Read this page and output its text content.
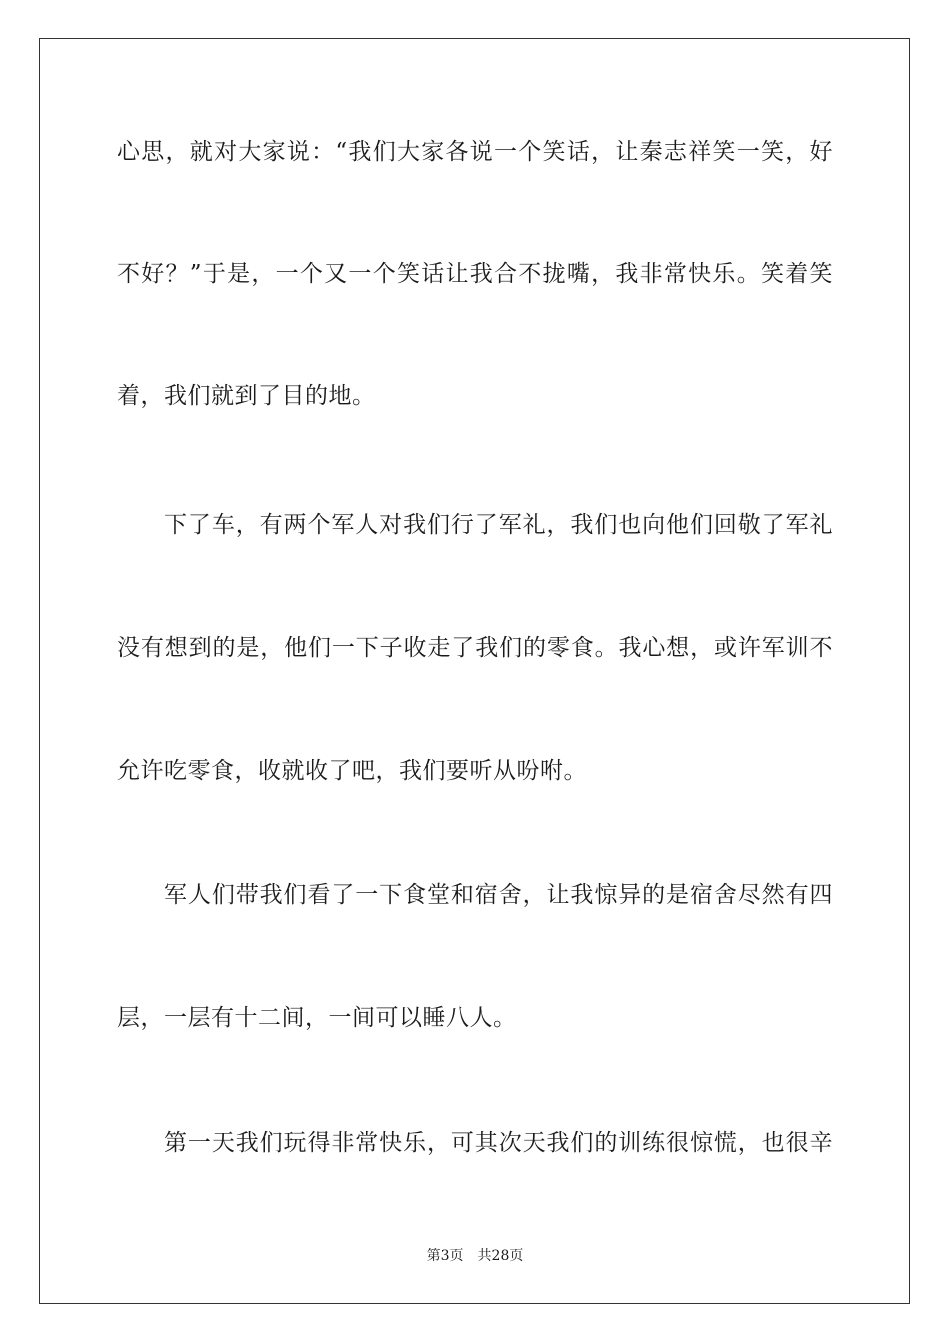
心思，就对大家说：“我们大家各说一个笑话，让秦志祥笑一笑，好
不好？”于是，一个又一个笑话让我合不拢嘴，我非常快乐。笑着笑
着，我们就到了目的地。
下了车，有两个军人对我们行了军礼，我们也向他们回敬了军礼
没有想到的是，他们一下子收走了我们的零食。我心想，或许军训不
允许吃零食，收就收了吧，我们要听从吩咐。
军人们带我们看了一下食堂和宿舍，让我惊异的是宿舍尽然有四
层，一层有十二间，一间可以睡八人。
第一天我们玩得非常快乐，可其次天我们的训练很惊慌，也很辛
第3页 共28页
